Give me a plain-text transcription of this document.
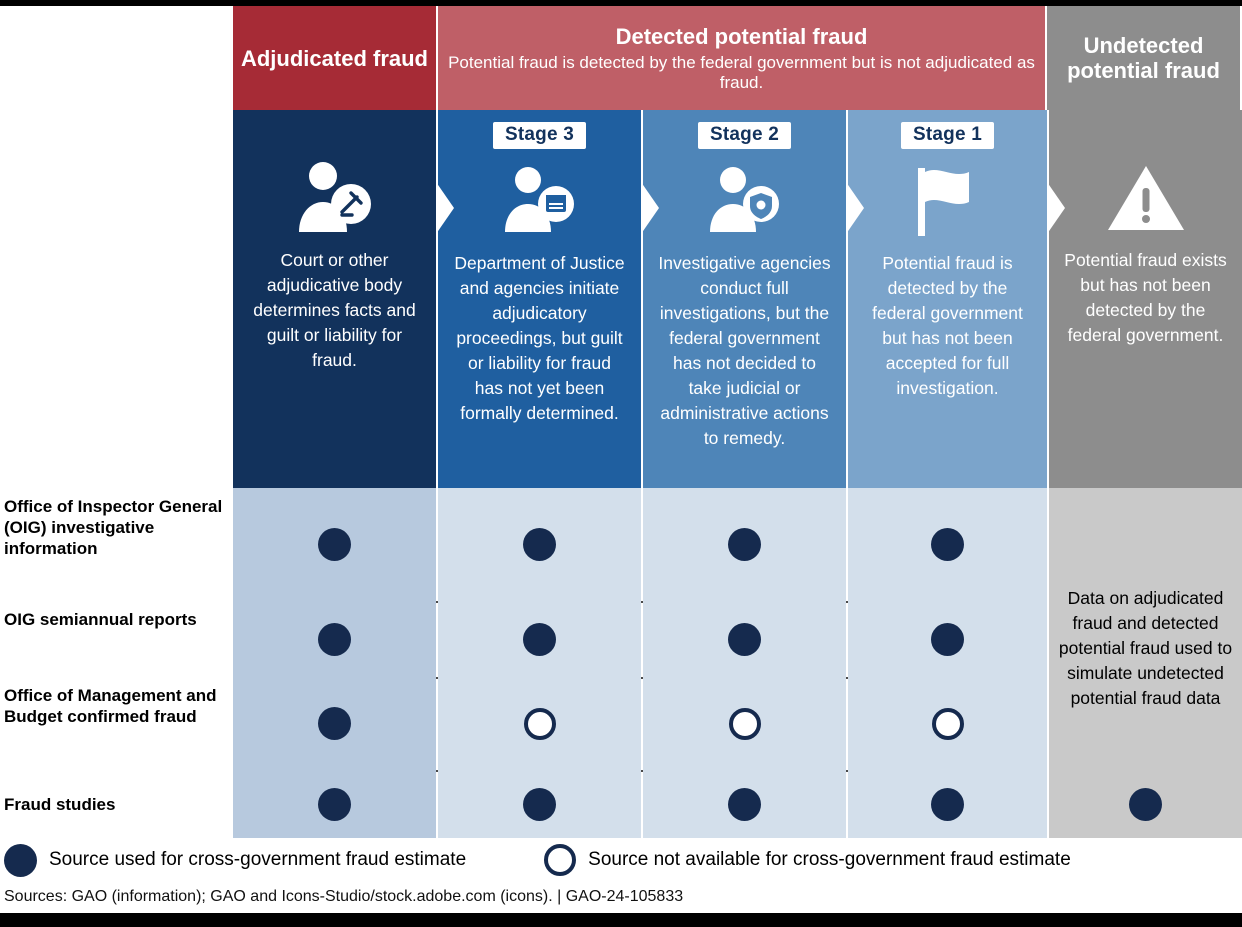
Adjudicated fraud
Detected potential fraud
Potential fraud is detected by the federal government but is not adjudicated as fraud.
Undetected potential fraud
Court or other adjudicative body determines facts and guilt or liability for fraud.
Stage 3
Department of Justice and agencies initiate adjudicatory proceedings, but guilt or liability for fraud has not yet been formally determined.
Stage 2
Investigative agencies conduct full investigations, but the federal government has not decided to take judicial or administrative actions to remedy.
Stage 1
Potential fraud is detected by the federal government but has not been accepted for full investigation.
Potential fraud exists but has not been detected by the federal government.
Data on adjudicated fraud and detected potential fraud used to simulate undetected potential fraud data
Office of Inspector General (OIG) investigative information
OIG semiannual reports
Office of Management and Budget confirmed fraud
Fraud studies
Source used for cross-government fraud estimate	Source not available for cross-government fraud estimate
Sources: GAO (information); GAO and Icons-Studio/stock.adobe.com (icons). | GAO-24-105833
